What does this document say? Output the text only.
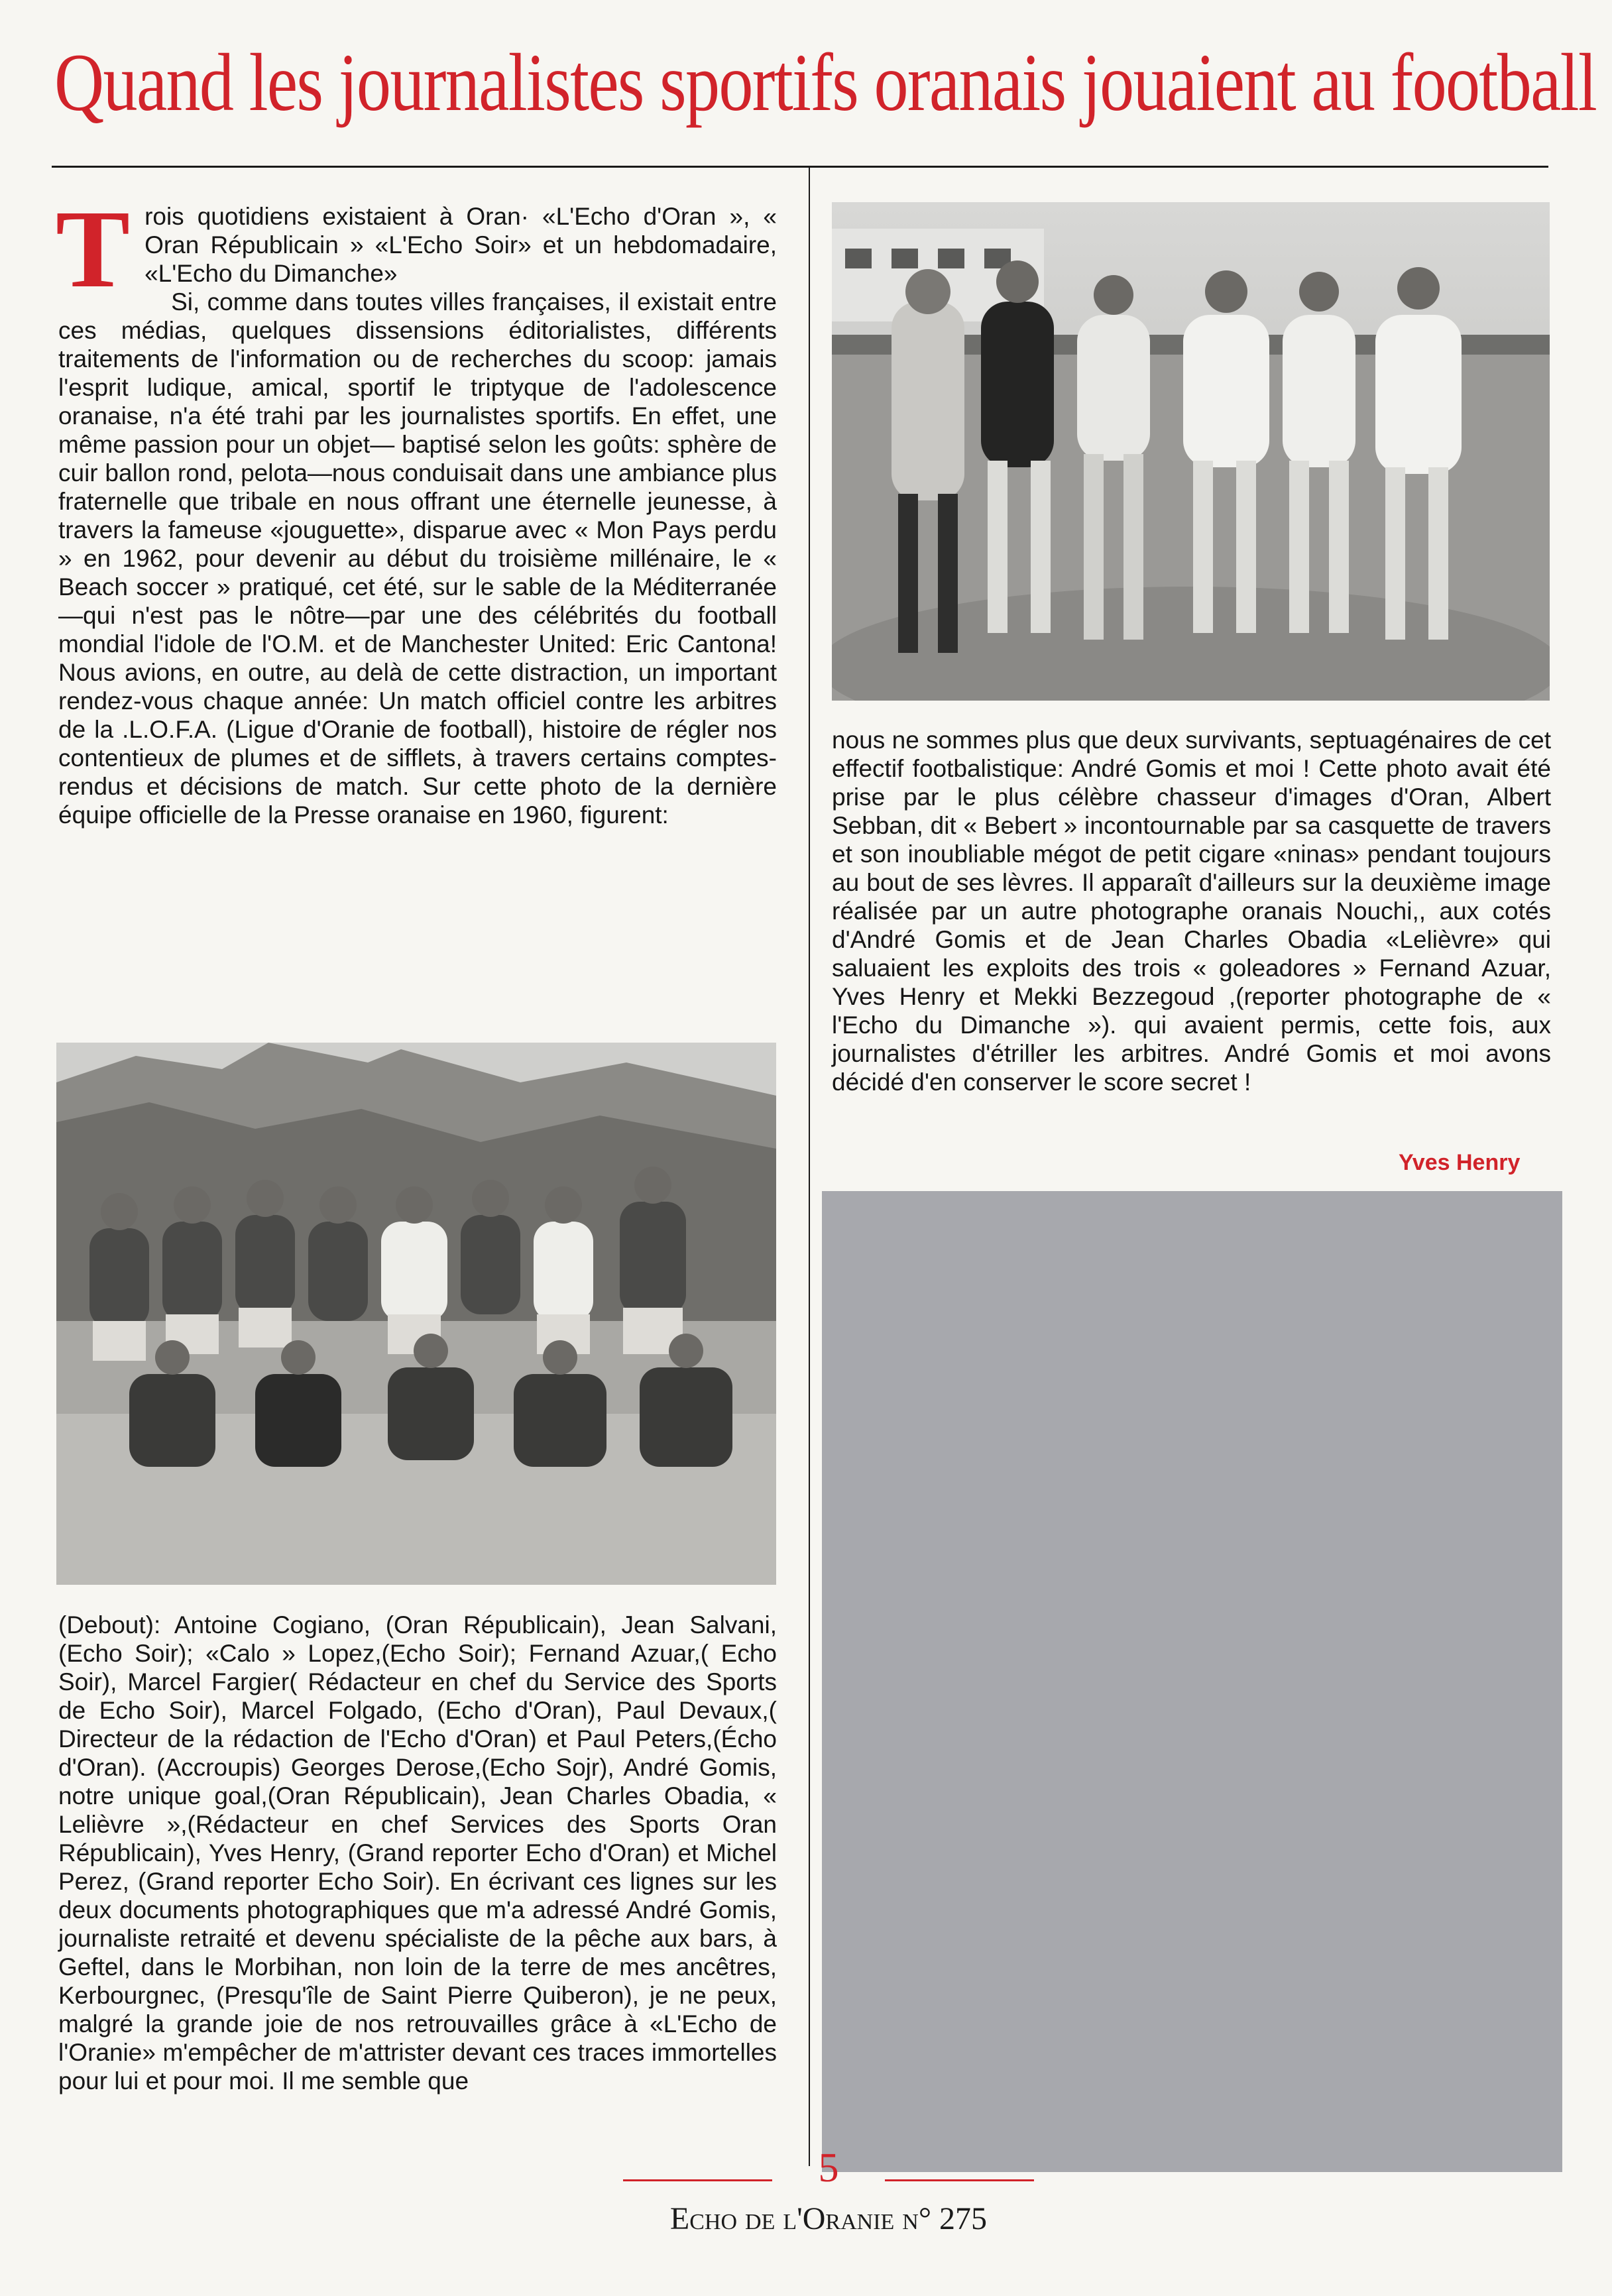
Quand les journalistes sportifs oranais jouaient au football
T rois quotidiens existaient à Oran· «L'Echo d'Oran », « Oran Républicain » «L'Echo Soir» et un hebdomadaire, «L'Echo du Dimanche»

Si, comme dans toutes villes françaises, il existait entre ces médias, quelques dissensions éditorialistes, différents traitements de l'information ou de recherches du scoop: jamais l'esprit ludique, amical, sportif le triptyque de l'adolescence oranaise, n'a été trahi par les journalistes sportifs. En effet, une même passion pour un objet— baptisé selon les goûts: sphère de cuir ballon rond, pelota—nous conduisait dans une ambiance plus fraternelle que tribale en nous offrant une éternelle jeunesse, à travers la fameuse «jouguette», disparue avec « Mon Pays perdu » en 1962, pour devenir au début du troisième millénaire, le « Beach soccer » pratiqué, cet été, sur le sable de la Méditerranée—qui n'est pas le nôtre—par une des célébrités du football mondial l'idole de l'O.M. et de Manchester United: Eric Cantona! Nous avions, en outre, au delà de cette distraction, un important rendez-vous chaque année: Un match officiel contre les arbitres de la .L.O.F.A. (Ligue d'Oranie de football), histoire de régler nos contentieux de plumes et de sifflets, à travers certains comptes-rendus et décisions de match. Sur cette photo de la dernière équipe officielle de la Presse oranaise en 1960, figurent:

nous ne sommes plus que deux survivants, septuagénaires de cet effectif footbalistique: André Gomis et moi ! Cette photo avait été prise par le plus célèbre chasseur d'images d'Oran, Albert Sebban, dit « Bebert » incontournable par sa casquette de travers et son inoubliable mégot de petit cigare «ninas» pendant toujours au bout de ses lèvres. Il apparaît d'ailleurs sur la deuxième image réalisée par un autre photographe oranais Nouchi,, aux cotés d'André Gomis et de Jean Charles Obadia «Lelièvre» qui saluaient les exploits des trois « goleadores » Fernand Azuar, Yves Henry et Mekki Bezzegoud ,(reporter photographe de « l'Echo du Dimanche »). qui avaient permis, cette fois, aux journalistes d'étriller les arbitres. André Gomis et moi avons décidé d'en conserver le score secret !

Yves Henry

(Debout): Antoine Cogiano, (Oran Républicain), Jean Salvani,(Echo Soir); «Calo » Lopez,(Echo Soir); Fernand Azuar,( Echo Soir), Marcel Fargier( Rédacteur en chef du Service des Sports de Echo Soir), Marcel Folgado, (Echo d'Oran), Paul Devaux,( Directeur de la rédaction de l'Echo d'Oran) et Paul Peters,(Écho d'Oran). (Accroupis) Georges Derose,(Echo Sojr), André Gomis, notre unique goal,(Oran Républicain), Jean Charles Obadia, « Lelièvre »,(Rédacteur en chef Services des Sports Oran Républicain), Yves Henry, (Grand reporter Echo d'Oran) et Michel Perez, (Grand reporter Echo Soir). En écrivant ces lignes sur les deux documents photographiques que m'a adressé André Gomis, journaliste retraité et devenu spécialiste de la pêche aux bars, à Geftel, dans le Morbihan, non loin de la terre de mes ancêtres, Kerbourgnec, (Presqu'île de Saint Pierre Quiberon), je ne peux, malgré la grande joie de nos retrouvailles grâce à «L'Echo de l'Oranie» m'empêcher de m'attrister devant ces traces immortelles pour lui et pour moi. Il me semble que

5
Echo de l'Oranie n° 275
